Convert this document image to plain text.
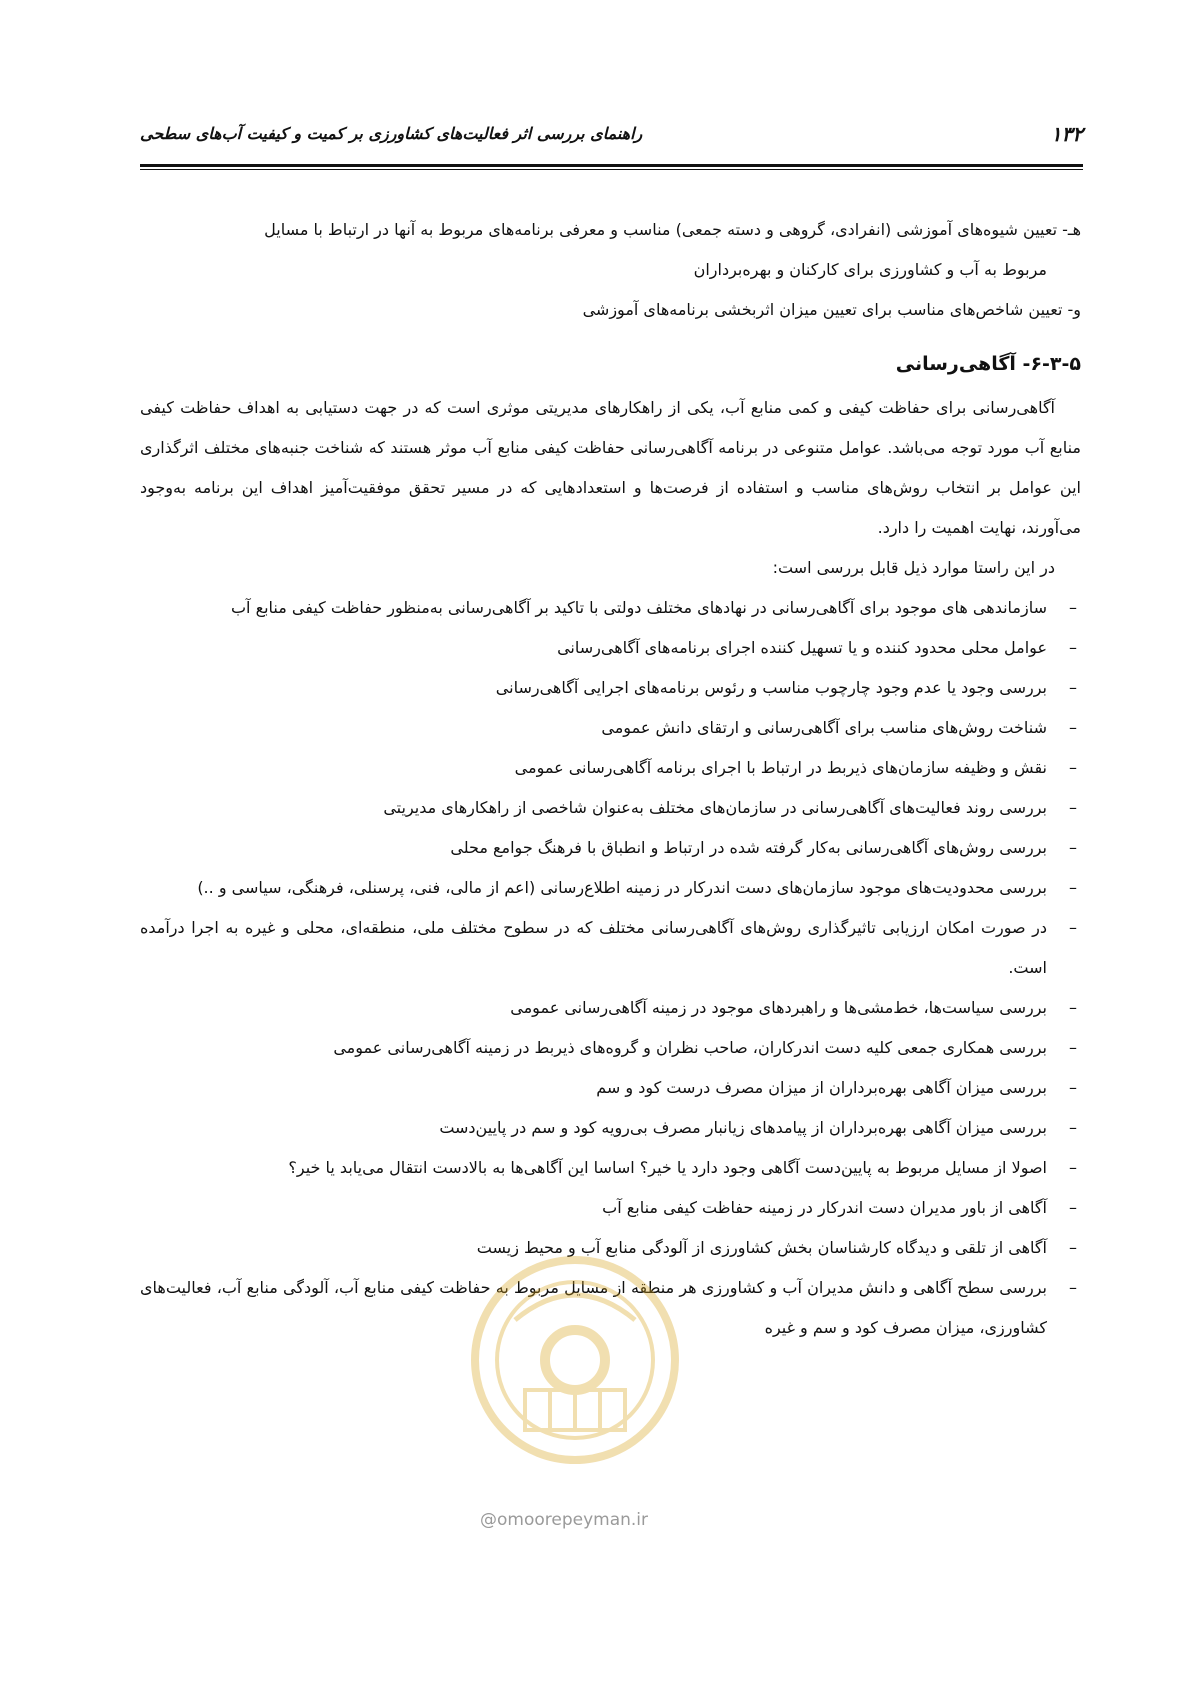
۱۳۲
راهنمای بررسی اثر فعالیت‌های کشاورزی بر کمیت و کیفیت آب‌های سطحی

هـ- تعیین شیوه‌های آموزشی (انفرادی، گروهی و دسته جمعی) مناسب و معرفی برنامه‌های مربوط به آنها در ارتباط با مسایل
مربوط به آب و کشاورزی برای کارکنان و بهره‌برداران

و- تعیین شاخص‌های مناسب برای تعیین میزان اثربخشی برنامه‌های آموزشی

۶-۳-۵- آگاهی‌رسانی

آگاهی‌رسانی برای حفاظت کیفی و کمی منابع آب، یکی از راهکارهای مدیریتی موثری است که در جهت دستیابی به اهداف حفاظت کیفی منابع آب مورد توجه می‌باشد. عوامل متنوعی در برنامه آگاهی‌رسانی حفاظت کیفی منابع آب موثر هستند که شناخت جنبه‌های مختلف اثرگذاری این عوامل بر انتخاب روش‌های مناسب و استفاده از فرصت‌ها و استعدادهایی که در مسیر تحقق موفقیت‌آمیز اهداف این برنامه به‌وجود می‌آورند، نهایت اهمیت را دارد.

در این راستا موارد ذیل قابل بررسی است:

–
سازماندهی های موجود برای آگاهی‌رسانی در نهادهای مختلف دولتی با تاکید بر آگاهی‌رسانی به‌منظور حفاظت کیفی منابع آب
–
عوامل محلی محدود کننده و یا تسهیل کننده اجرای برنامه‌های آگاهی‌رسانی
–
بررسی وجود یا عدم وجود چارچوب مناسب و رئوس برنامه‌های اجرایی آگاهی‌رسانی
–
شناخت روش‌های مناسب برای آگاهی‌رسانی و ارتقای دانش عمومی
–
نقش و وظیفه سازمان‌های ذیربط در ارتباط با اجرای برنامه آگاهی‌رسانی عمومی
–
بررسی روند فعالیت‌های آگاهی‌رسانی در سازمان‌های مختلف به‌عنوان شاخصی از راهکارهای مدیریتی
–
بررسی روش‌های آگاهی‌رسانی به‌کار گرفته شده در ارتباط و انطباق با فرهنگ جوامع محلی
–
بررسی محدودیت‌های موجود سازمان‌های دست اندرکار در زمینه اطلاع‌رسانی (اعم از مالی، فنی، پرسنلی، فرهنگی، سیاسی و ..)
–
در صورت امکان ارزیابی تاثیرگذاری روش‌های آگاهی‌رسانی مختلف که در سطوح مختلف ملی، منطقه‌ای، محلی و غیره به اجرا درآمده است.
–
بررسی سیاست‌ها، خط‌مشی‌ها و راهبردهای موجود در زمینه آگاهی‌رسانی عمومی
–
بررسی همکاری جمعی کلیه دست اندرکاران، صاحب نظران و گروه‌های ذیربط در زمینه آگاهی‌رسانی عمومی
–
بررسی میزان آگاهی بهره‌برداران از میزان مصرف درست کود و سم
–
بررسی میزان آگاهی بهره‌برداران از پیامدهای زیانبار مصرف بی‌رویه کود و سم در پایین‌دست
–
اصولا از مسایل مربوط به پایین‌دست آگاهی وجود دارد یا خیر؟ اساسا این آگاهی‌ها به بالادست انتقال می‌یابد یا خیر؟
–
آگاهی از باور مدیران دست اندرکار در زمینه حفاظت کیفی منابع آب
–
آگاهی از تلقی و دیدگاه کارشناسان بخش کشاورزی از آلودگی منابع آب و محیط زیست
–
بررسی سطح آگاهی و دانش مدیران آب و کشاورزی هر منطقه از مسایل مربوط به حفاظت کیفی منابع آب، آلودگی منابع آب، فعالیت‌های کشاورزی، میزان مصرف کود و سم و غیره
@omoorepeyman.ir
